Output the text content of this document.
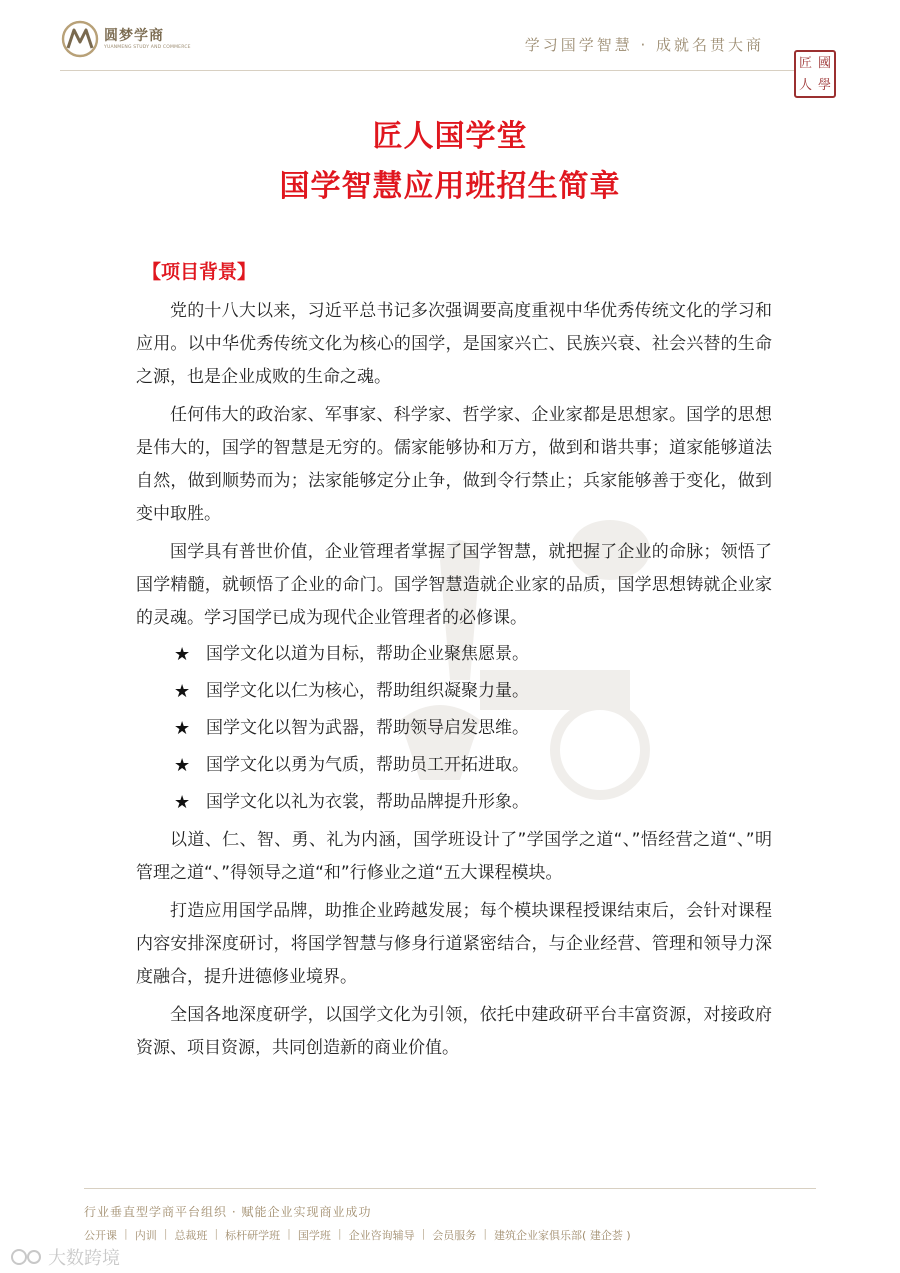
圆梦学商
YUANMENG STUDY AND COMMERCE	学习国学智慧 · 成就名贯大商
匠 國
人 學
匠人国学堂
国学智慧应用班招生简章
【项目背景】

党的十八大以来，习近平总书记多次强调要高度重视中华优秀传统文化的学习和应用。以中华优秀传统文化为核心的国学，是国家兴亡、民族兴衰、社会兴替的生命之源，也是企业成败的生命之魂。

任何伟大的政治家、军事家、科学家、哲学家、企业家都是思想家。国学的思想是伟大的，国学的智慧是无穷的。儒家能够协和万方，做到和谐共事；道家能够道法自然，做到顺势而为；法家能够定分止争，做到令行禁止；兵家能够善于变化，做到变中取胜。

国学具有普世价值，企业管理者掌握了国学智慧，就把握了企业的命脉；领悟了国学精髓，就顿悟了企业的命门。国学智慧造就企业家的品质，国学思想铸就企业家的灵魂。学习国学已成为现代企业管理者的必修课。

★ 国学文化以道为目标，帮助企业聚焦愿景。
★ 国学文化以仁为核心，帮助组织凝聚力量。
★ 国学文化以智为武器，帮助领导启发思维。
★ 国学文化以勇为气质，帮助员工开拓进取。
★ 国学文化以礼为衣裳，帮助品牌提升形象。

以道、仁、智、勇、礼为内涵，国学班设计了”学国学之道“、”悟经营之道“、”明管理之道“、”得领导之道“和”行修业之道“五大课程模块。

打造应用国学品牌，助推企业跨越发展；每个模块课程授课结束后，会针对课程内容安排深度研讨，将国学智慧与修身行道紧密结合，与企业经营、管理和领导力深度融合，提升进德修业境界。

全国各地深度研学，以国学文化为引领，依托中建政研平台丰富资源，对接政府资源、项目资源，共同创造新的商业价值。

行业垂直型学商平台组织 · 赋能企业实现商业成功
公开课 | 内训 | 总裁班 | 标杆研学班 | 国学班 | 企业咨询辅导 | 会员服务 | 建筑企业家俱乐部( 建企荟 )
大数跨境
